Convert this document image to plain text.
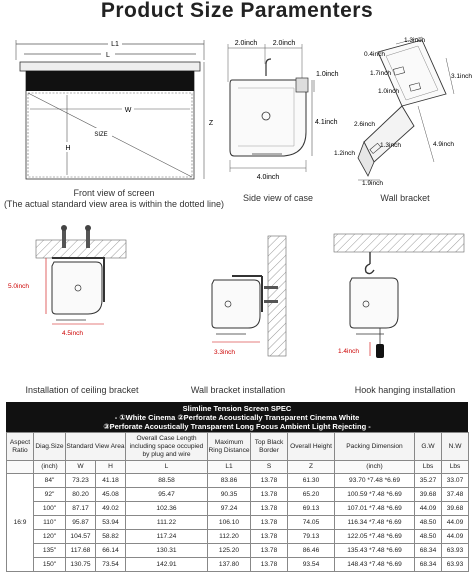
Product Size Paramenters
L1
L
SIZE
W
H
Z
Front view of screen
(The actual standard view area is within the dotted line)
2.0inch 2.0inch
1.0inch
4.1inch
4.0inch
Side view of case
1.3inch
0.4inch
1.7inch	3.1inch
1.0inch
2.6inch
1.3inch	4.9inch
1.2inch
1.9inch
Wall bracket
5.0inch
4.5inch
Installation of ceiling bracket
3.3inch
Wall bracket installation
1.4inch
Hook hanging installation
Slimline Tension Screen SPEC
- ①White Cinema ②Perforate Acoustically Transparent Cinema White
③Perforate Acoustically Transparent Long Focus Ambient Light Rejecting -
Aspect Ratio	Diag.Size	Standard View Area		Overall Case Length including space occupied by plug and wire	Maximum Ring Distance	Top Black Border	Overall Height	Packing Dimension	G.W	N.W
	(inch)	W	H	L	L1	S	Z	(inch)	Lbs	Lbs
16:9	84"	73.23	41.18	88.58	83.86	13.78	61.30	93.70 *7.48 *6.69	35.27	33.07
	92"	80.20	45.08	95.47	90.35	13.78	65.20	100.59 *7.48 *6.69	39.68	37.48
	100"	87.17	49.02	102.36	97.24	13.78	69.13	107.01 *7.48 *6.69	44.09	39.68
	110"	95.87	53.94	111.22	106.10	13.78	74.05	116.34 *7.48 *6.69	48.50	44.09
	120"	104.57	58.82	117.24	112.20	13.78	79.13	122.05 *7.48 *6.69	48.50	44.09
	135"	117.68	66.14	130.31	125.20	13.78	86.46	135.43 *7.48 *6.69	68.34	63.93
	150"	130.75	73.54	142.91	137.80	13.78	93.54	148.43 *7.48 *6.69	68.34	63.93
